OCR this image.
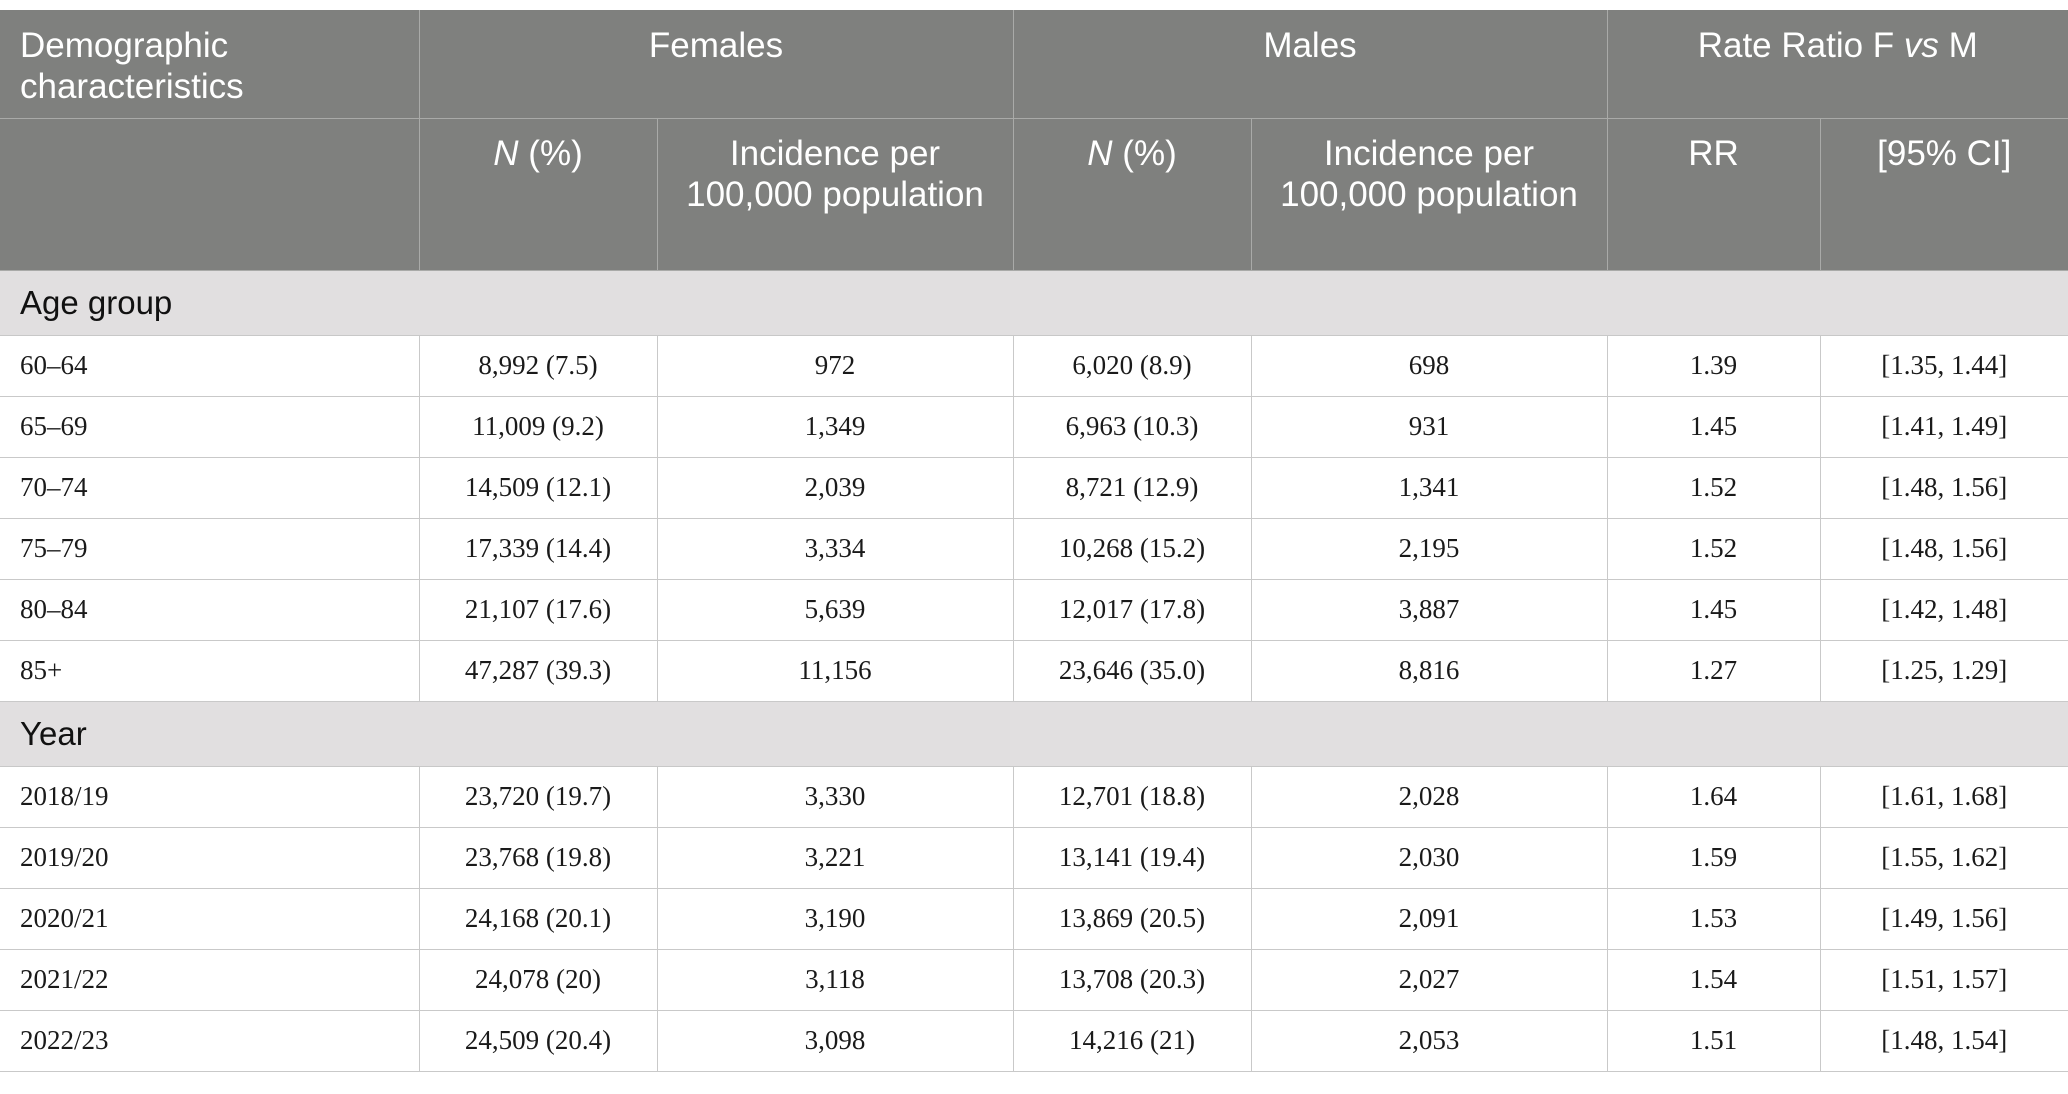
Demographic characteristics	Females		Males		Rate Ratio F vs M	
	N (%)	Incidence per 100,000 population	N (%)	Incidence per 100,000 population	RR	[95% CI]
Age group						
60–64	8,992 (7.5)	972	6,020 (8.9)	698	1.39	[1.35, 1.44]
65–69	11,009 (9.2)	1,349	6,963 (10.3)	931	1.45	[1.41, 1.49]
70–74	14,509 (12.1)	2,039	8,721 (12.9)	1,341	1.52	[1.48, 1.56]
75–79	17,339 (14.4)	3,334	10,268 (15.2)	2,195	1.52	[1.48, 1.56]
80–84	21,107 (17.6)	5,639	12,017 (17.8)	3,887	1.45	[1.42, 1.48]
85+	47,287 (39.3)	11,156	23,646 (35.0)	8,816	1.27	[1.25, 1.29]
Year						
2018/19	23,720 (19.7)	3,330	12,701 (18.8)	2,028	1.64	[1.61, 1.68]
2019/20	23,768 (19.8)	3,221	13,141 (19.4)	2,030	1.59	[1.55, 1.62]
2020/21	24,168 (20.1)	3,190	13,869 (20.5)	2,091	1.53	[1.49, 1.56]
2021/22	24,078 (20)	3,118	13,708 (20.3)	2,027	1.54	[1.51, 1.57]
2022/23	24,509 (20.4)	3,098	14,216 (21)	2,053	1.51	[1.48, 1.54]
